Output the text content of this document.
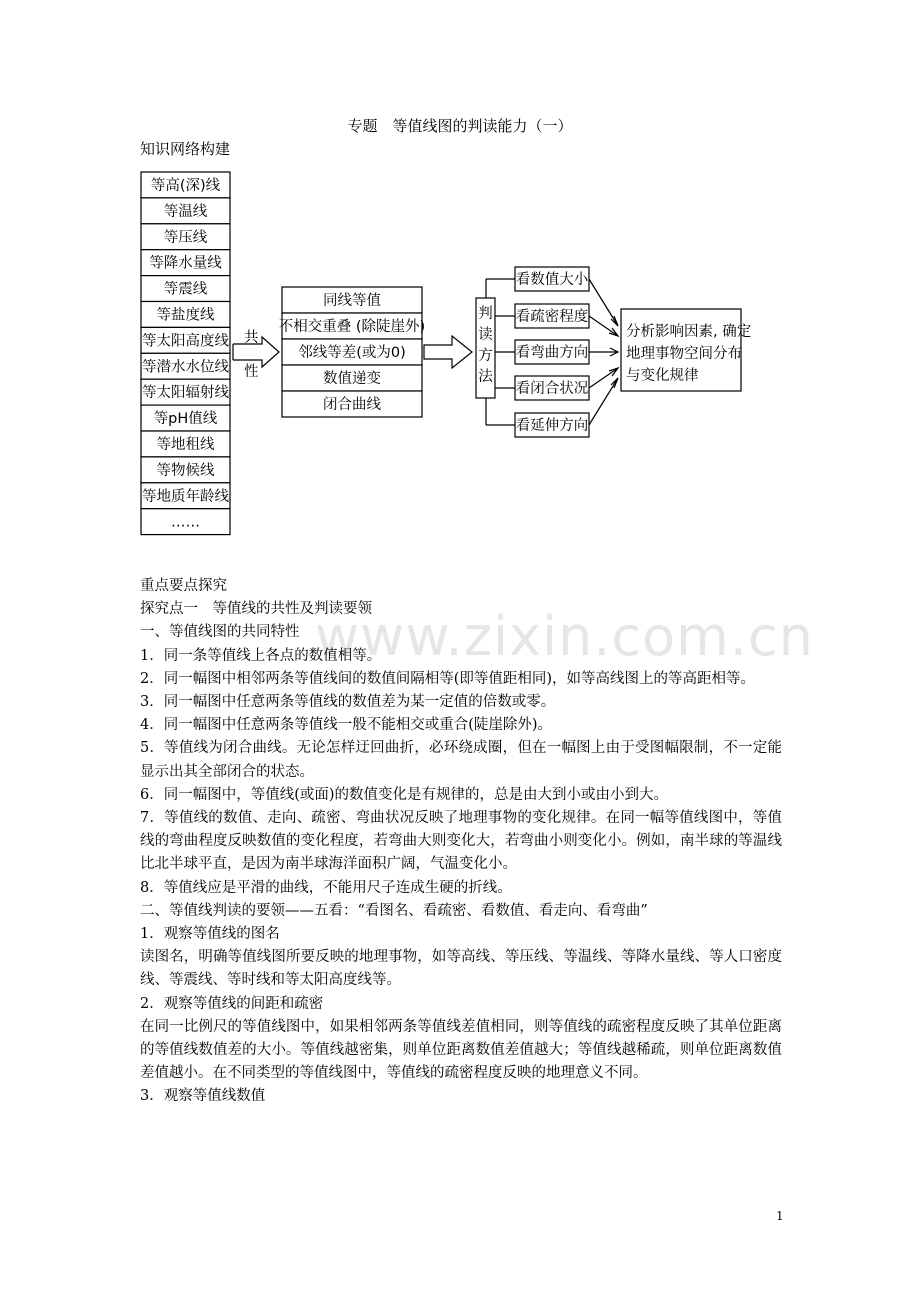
专题　等值线图的判读能力（一）
知识网络构建
等高(深)线
等温线
等压线
等降水量线
等震线
等盐度线
等太阳高度线
等潜水水位线
等太阳辐射线
等pH值线
等地租线
等物候线
等地质年龄线
……
共
性
同线等值
不相交重叠 (除陡崖外)
邻线等差(或为0)
数值递变
闭合曲线
判
读
方
法
看数值大小
看疏密程度
看弯曲方向
看闭合状况
看延伸方向
分析影响因素, 确定
地理事物空间分布
与变化规律
www.zixin.com.cn

重点要点探究

探究点一　等值线的共性及判读要领

一、等值线图的共同特性

1．同一条等值线上各点的数值相等。

2．同一幅图中相邻两条等值线间的数值间隔相等(即等值距相同)，如等高线图上的等高距相等。

3．同一幅图中任意两条等值线的数值差为某一定值的倍数或零。

4．同一幅图中任意两条等值线一般不能相交或重合(陡崖除外)。

5．等值线为闭合曲线。无论怎样迂回曲折，必环绕成圈，但在一幅图上由于受图幅限制，不一定能显示出其全部闭合的状态。

6．同一幅图中，等值线(或面)的数值变化是有规律的，总是由大到小或由小到大。

7．等值线的数值、走向、疏密、弯曲状况反映了地理事物的变化规律。在同一幅等值线图中，等值线的弯曲程度反映数值的变化程度，若弯曲大则变化大，若弯曲小则变化小。例如，南半球的等温线比北半球平直，是因为南半球海洋面积广阔，气温变化小。

8．等值线应是平滑的曲线，不能用尺子连成生硬的折线。

二、等值线判读的要领——五看：“看图名、看疏密、看数值、看走向、看弯曲”

1．观察等值线的图名

读图名，明确等值线图所要反映的地理事物，如等高线、等压线、等温线、等降水量线、等人口密度线、等震线、等时线和等太阳高度线等。

2．观察等值线的间距和疏密

在同一比例尺的等值线图中，如果相邻两条等值线差值相同，则等值线的疏密程度反映了其单位距离的等值线数值差的大小。等值线越密集，则单位距离数值差值越大；等值线越稀疏，则单位距离数值差值越小。在不同类型的等值线图中，等值线的疏密程度反映的地理意义不同。

3．观察等值线数值

1
